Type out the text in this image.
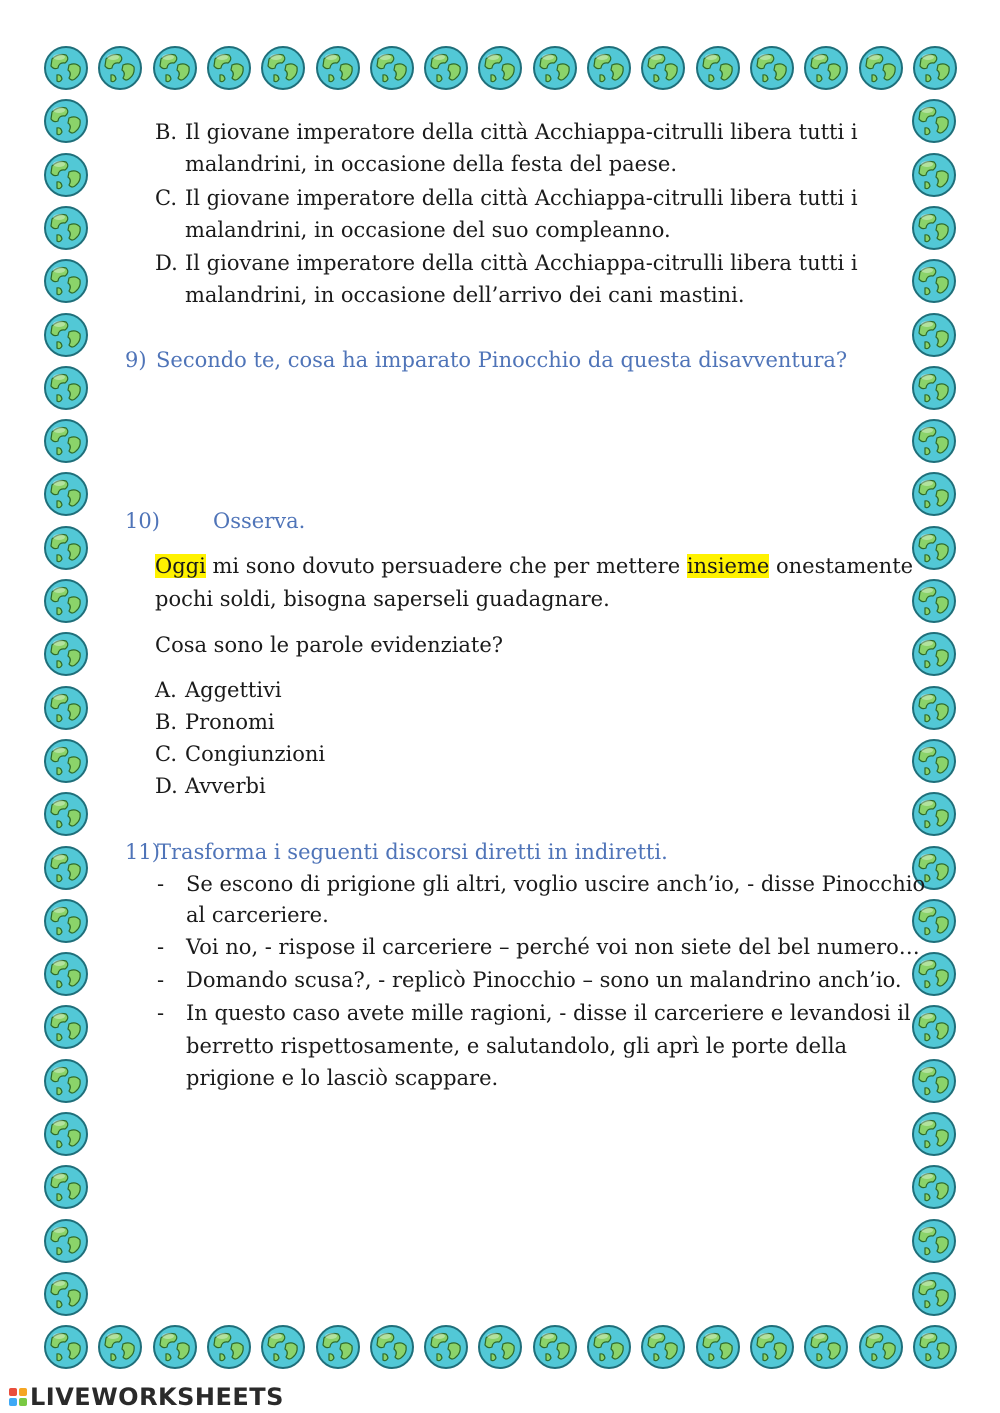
B. Il giovane imperatore della città Acchiappa-citrulli libera tutti i
malandrini, in occasione della festa del paese.
C. Il giovane imperatore della città Acchiappa-citrulli libera tutti i
malandrini, in occasione del suo compleanno.
D. Il giovane imperatore della città Acchiappa-citrulli libera tutti i
malandrini, in occasione dell’arrivo dei cani mastini.
9) Secondo te, cosa ha imparato Pinocchio da questa disavventura?
10)	Osserva.
Oggi mi sono dovuto persuadere che per mettere insieme onestamente
pochi soldi, bisogna saperseli guadagnare.
Cosa sono le parole evidenziate?
A. Aggettivi
B. Pronomi
C. Congiunzioni
D. Avverbi
11)
Trasforma i seguenti discorsi diretti in indiretti.
- Se escono di prigione gli altri, voglio uscire anch’io, - disse Pinocchio
al carceriere.
- Voi no, - rispose il carceriere – perché voi non siete del bel numero…
- Domando scusa?, - replicò Pinocchio – sono un malandrino anch’io.
- In questo caso avete mille ragioni, - disse il carceriere e levandosi il
berretto rispettosamente, e salutandolo, gli aprì le porte della
prigione e lo lasciò scappare.
LIVEWORKSHEETS
